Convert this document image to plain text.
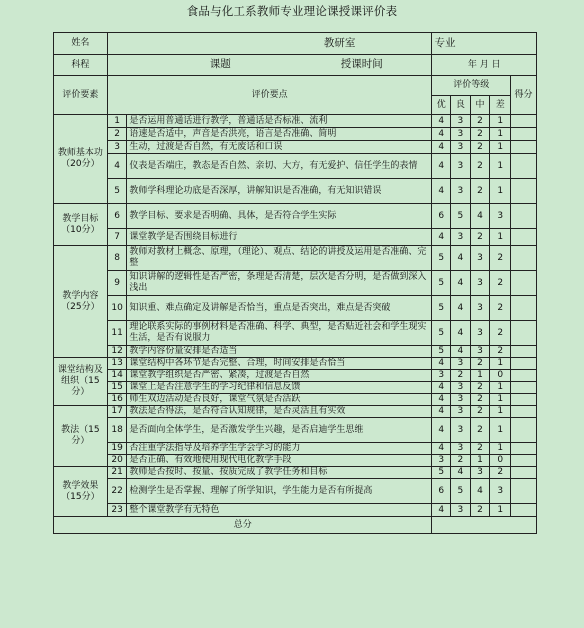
食品与化工系教师专业理论课授课评价表
姓名	教研室		专业				
科程	课题 授课时间		年 月 日				
评价要素	评价要点		评价等级				得分
			优	良	中	差	
教师基本功（20分）	1	是否运用普通话进行教学，普通话是否标准、流利	4	3	2	1	
	2	语速是否适中，声音是否洪亮，语言是否准确、简明	4	3	2	1	
	3	生动，过渡是否自然，有无废话和口误	4	3	2	1	
	4	仪表是否端庄，教态是否自然、亲切、大方，有无爱护、信任学生的表情	4	3	2	1	
	5	教师学科理论功底是否深厚，讲解知识是否准确，有无知识错误	4	3	2	1	
教学目标（10分）	6	教学目标、要求是否明确、具体，是否符合学生实际	6	5	4	3	
	7	课堂教学是否围绕目标进行	4	3	2	1	
教学内容（25分）	8	教师对教材上概念、原理，（理论）、观点、结论的讲授及运用是否准确、完整	5	4	3	2	
	9	知识讲解的逻辑性是否严密，条理是否清楚，层次是否分明，是否做到深入浅出	5	4	3	2	
	10	知识重、难点确定及讲解是否恰当，重点是否突出，难点是否突破	5	4	3	2	
	11	理论联系实际的事例材料是否准确、科学、典型，是否贴近社会和学生现实生活，是否有说服力	5	4	3	2	
	12	教学内容份量安排是否适当	5	4	3	2	
课堂结构及组织（15分）	13	课堂结构中各环节是否完整、合理，时间安排是否恰当	4	3	2	1	
	14	课堂教学组织是否严密、紧凑，过渡是否自然	3	2	1	0	
	15	课堂上是否注意学生的学习纪律和信息反馈	4	3	2	1	
	16	师生双边活动是否良好，课堂气氛是否活跃	4	3	2	1	
教法（15分）	17	教法是否得法，是否符合认知规律，是否灵活且有实效	4	3	2	1	
	18	是否面向全体学生，是否激发学生兴趣，是否启迪学生思维	4	3	2	1	
	19	否注重学法指导及培养学生学会学习的能力	4	3	2	1	
	20	是否正确、有效地使用现代电化教学手段	3	2	1	0	
教学效果（15分）	21	教师是否按时、按量、按质完成了教学任务和目标	5	4	3	2	
	22	检测学生是否掌握、理解了所学知识，学生能力是否有所提高	6	5	4	3	
	23	整个课堂教学有无特色	4	3	2	1	
总分							
